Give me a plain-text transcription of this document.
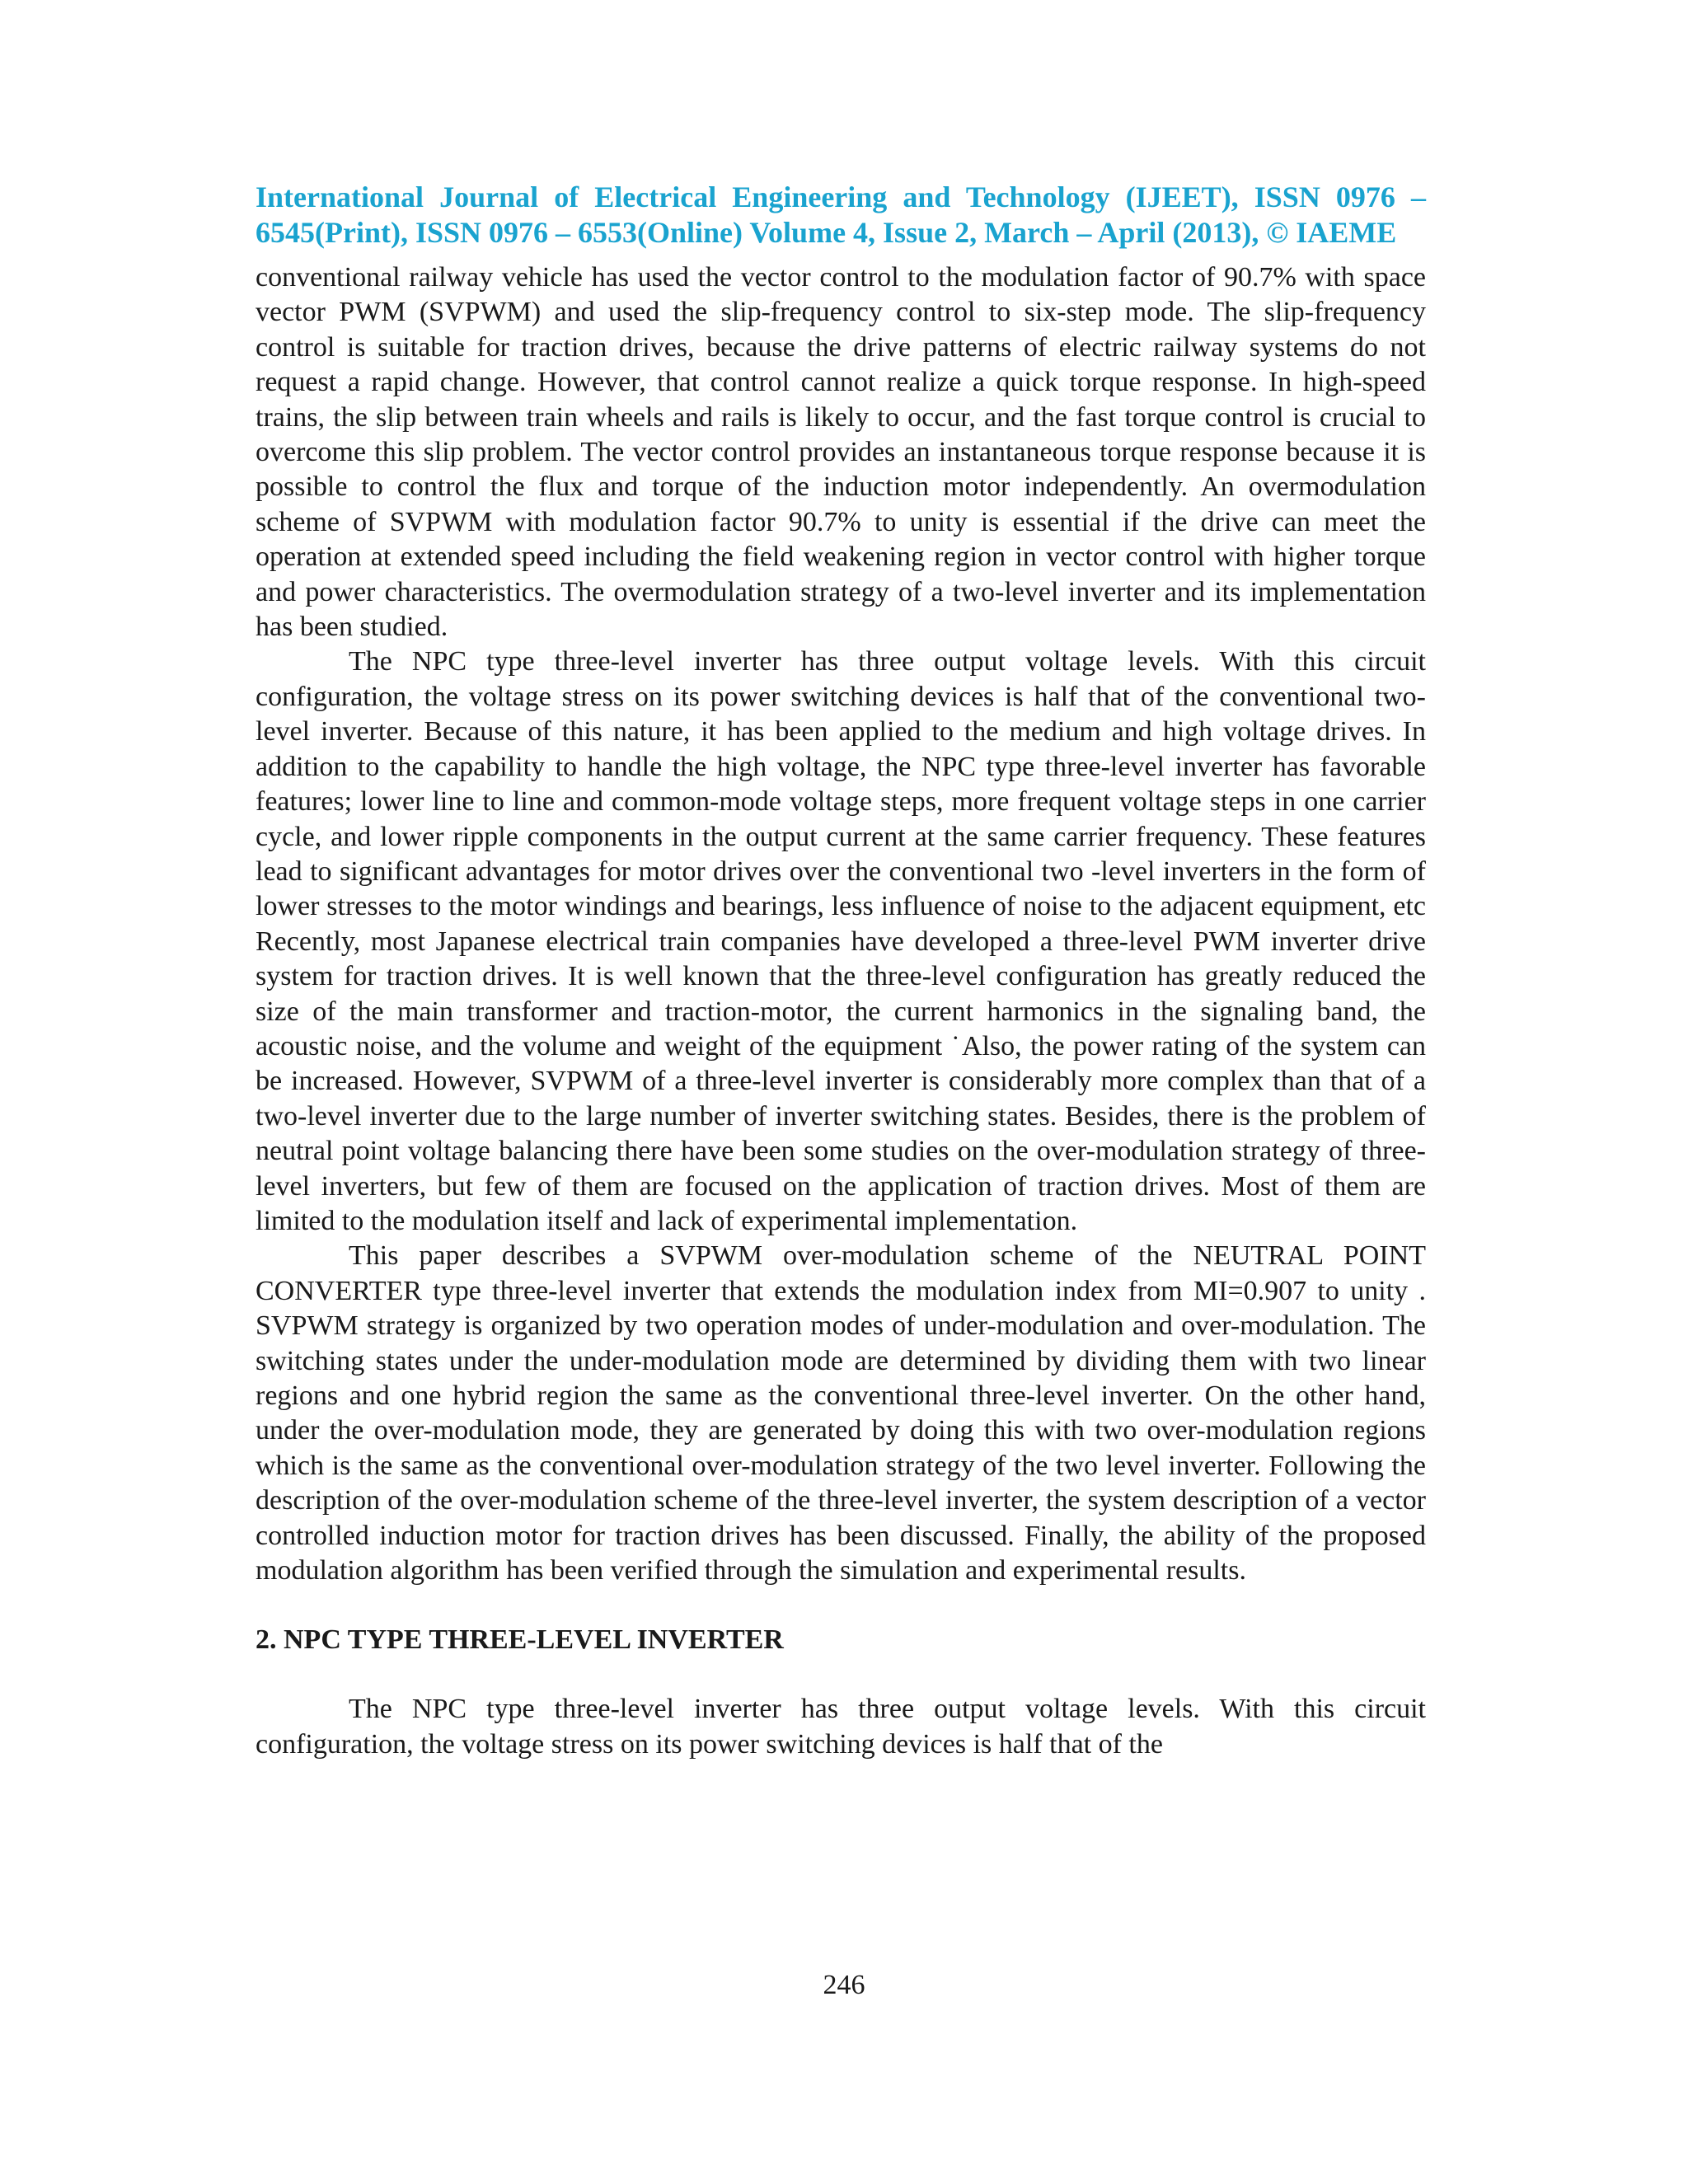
International Journal of Electrical Engineering and Technology (IJEET), ISSN 0976 –
6545(Print), ISSN 0976 – 6553(Online) Volume 4, Issue 2, March – April (2013), © IAEME

conventional railway vehicle has used the vector control to the modulation factor of 90.7% with space vector PWM (SVPWM) and used the slip-frequency control to six-step mode. The slip-frequency control is suitable for traction drives, because the drive patterns of electric railway systems do not request a rapid change. However, that control cannot realize a quick torque response. In high-speed trains, the slip between train wheels and rails is likely to occur, and the fast torque control is crucial to overcome this slip problem. The vector control provides an instantaneous torque response because it is possible to control the flux and torque of the induction motor independently. An overmodulation scheme of SVPWM with modulation factor 90.7% to unity is essential if the drive can meet the operation at extended speed including the field weakening region in vector control with higher torque and power characteristics. The overmodulation strategy of a two-level inverter and its implementation has been studied.

The NPC type three-level inverter has three output voltage levels. With this circuit configuration, the voltage stress on its power switching devices is half that of the conventional two-level inverter. Because of this nature, it has been applied to the medium and high voltage drives. In addition to the capability to handle the high voltage, the NPC type three-level inverter has favorable features; lower line to line and common-mode voltage steps, more frequent voltage steps in one carrier cycle, and lower ripple components in the output current at the same carrier frequency. These features lead to significant advantages for motor drives over the conventional two -level inverters in the form of lower stresses to the motor windings and bearings, less influence of noise to the adjacent equipment, etc Recently, most Japanese electrical train companies have developed a three-level PWM inverter drive system for traction drives. It is well known that the three-level configuration has greatly reduced the size of the main transformer and traction-motor, the current harmonics in the signaling band, the acoustic noise, and the volume and weight of the equipment ˙Also, the power rating of the system can be increased. However, SVPWM of a three-level inverter is considerably more complex than that of a two-level inverter due to the large number of inverter switching states. Besides, there is the problem of neutral point voltage balancing there have been some studies on the over-modulation strategy of three-level inverters, but few of them are focused on the application of traction drives. Most of them are limited to the modulation itself and lack of experimental implementation.

This paper describes a SVPWM over-modulation scheme of the NEUTRAL POINT CONVERTER type three-level inverter that extends the modulation index from MI=0.907 to unity . SVPWM strategy is organized by two operation modes of under-modulation and over-modulation. The switching states under the under-modulation mode are determined by dividing them with two linear regions and one hybrid region the same as the conventional three-level inverter. On the other hand, under the over-modulation mode, they are generated by doing this with two over-modulation regions which is the same as the conventional over-modulation strategy of the two level inverter. Following the description of the over-modulation scheme of the three-level inverter, the system description of a vector controlled induction motor for traction drives has been discussed. Finally, the ability of the proposed modulation algorithm has been verified through the simulation and experimental results.

2. NPC TYPE THREE-LEVEL INVERTER

The NPC type three-level inverter has three output voltage levels. With this circuit configuration, the voltage stress on its power switching devices is half that of the

246
